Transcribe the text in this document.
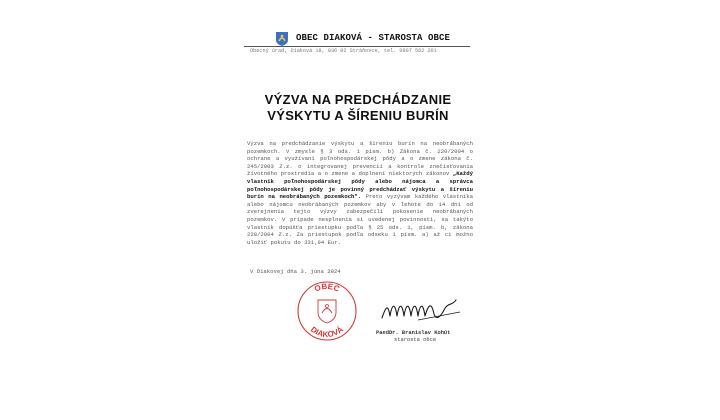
OBEC DIAKOVÁ - STAROSTA OBCE
Obecný úrad, Diaková 18, 036 02 Stráňovce, tel. 0907 562 201
VÝZVA NA PREDCHÁDZANIE
VÝSKYTU A ŠÍRENIU BURÍN
Výzva na predchádzanie výskytu a šíreniu burín na neobrábaných pozemkoch. V zmysle § 3 ods. 1 písm. b) Zákona č. 220/2004 o ochrane a využívaní poľnohospodárskej pôdy a o zmene zákona č. 245/2003 Z.z. o integrovanej prevencii a kontrole znečisťovania životného prostredia a o zmene a doplnení niektorých zákonov „Každý vlastník poľnohospodárskej pôdy alebo nájomca a správca poľnohospodárskej pôdy je povinný predchádzať výskytu a šíreniu burín na neobrábaných pozemkoch". Preto vyzývam každého vlastníka alebo nájomcu neobrábaných pozemkov aby v lehote do 14 dní od zverejnenia tejto výzvy zabezpečili pokosenie neobrábaných pozemkov. V prípade nesplnenia si uvedenej povinnosti, sa takýto vlastník dopúšťa priestupku podľa § 25 ods. 1, písm. b, zákona 220/2004 Z.z. Za priestupok podľa odseku 1 písm. a) až ci možno uložiť pokutu do 331,94 Eur.
V Diakovej dňa 3. júna 2024
OBEC
DIAKOVÁ	PaedDr. Branislav Kohút
starosta obce
